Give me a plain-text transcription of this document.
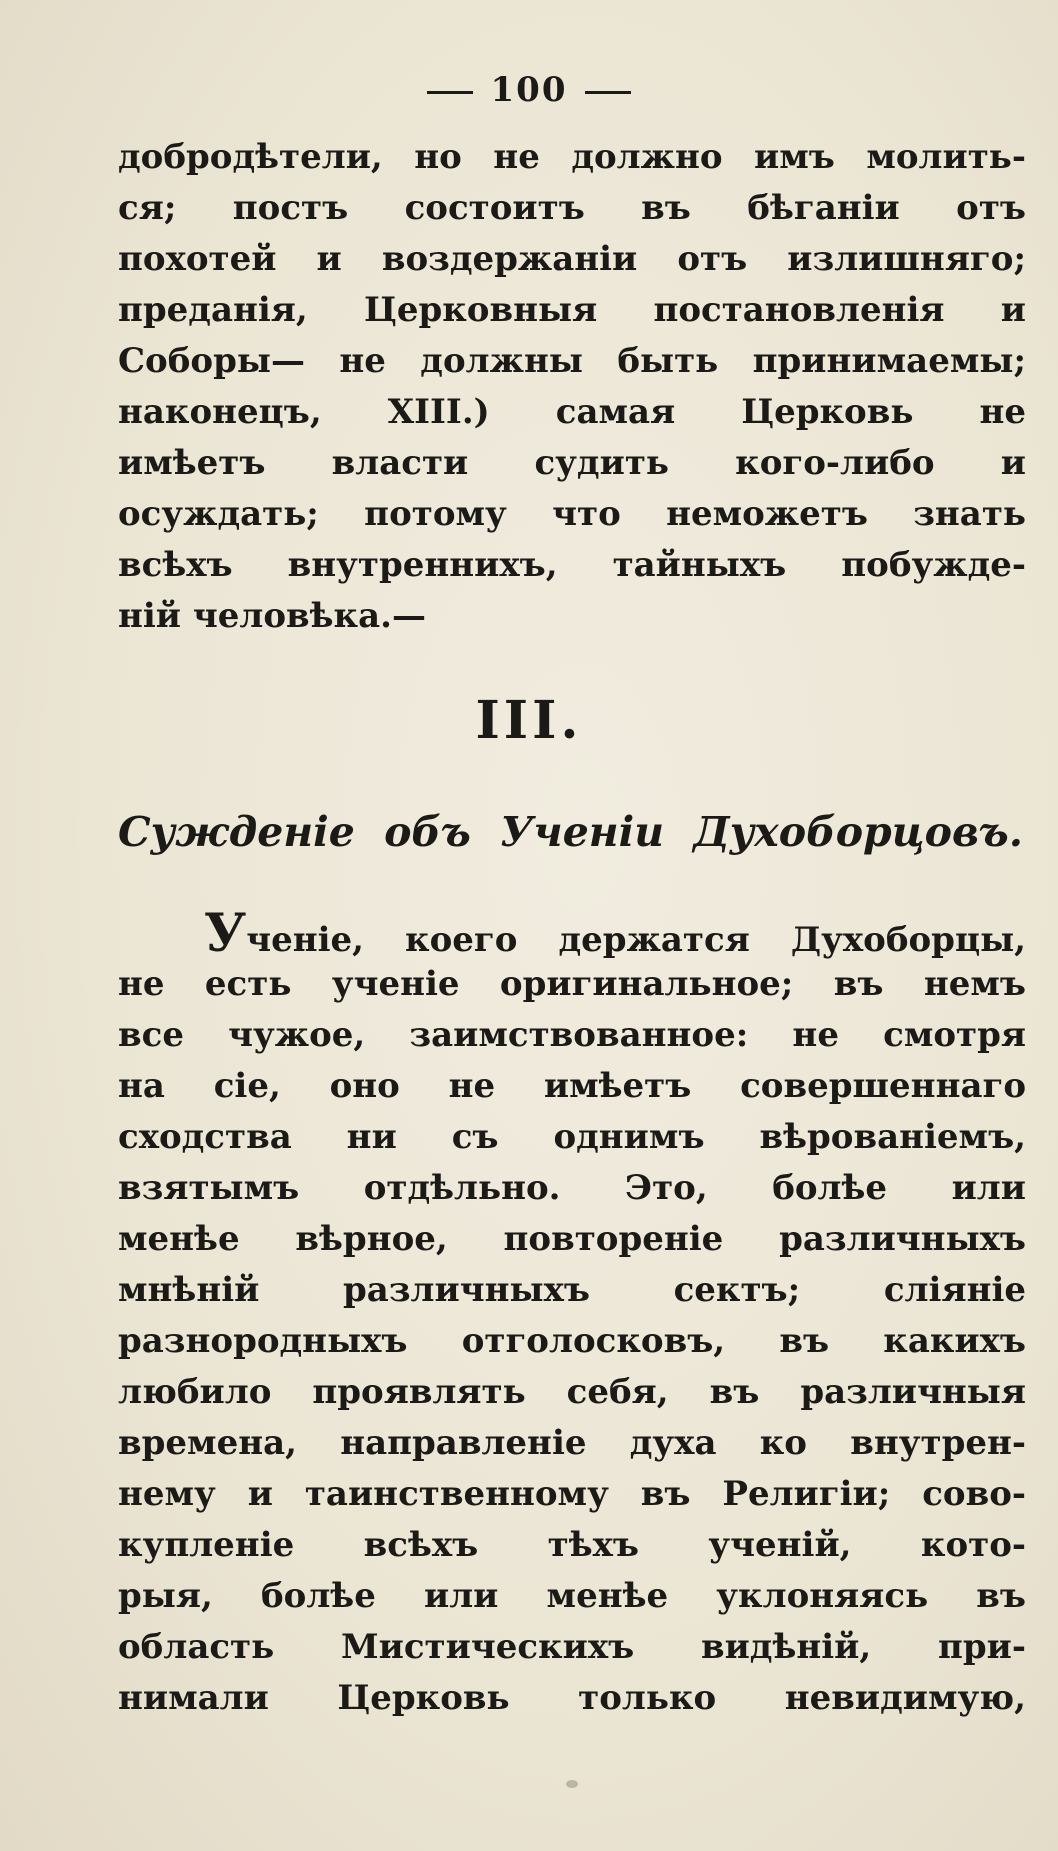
100
добродѣтели, но не должно имъ молить-
ся; постъ состоитъ въ бѣганіи отъ
похотей и воздержаніи отъ излишняго;
преданія, Церковныя постановленія и
Соборы— не должны быть принимаемы;
наконецъ, XIII.) самая Церковь не
имѣетъ власти судить кого-либо и
осуждать; потому что неможетъ знать
всѣхъ внутреннихъ, тайныхъ побужде-
ній человѣка.—
III.
Сужденіе объ Ученіи Духоборцовъ.
Ученіе, коего держатся Духоборцы,
не есть ученіе оригинальное; въ немъ
все чужое, заимствованное: не смотря
на сіе, оно не имѣетъ совершеннаго
сходства ни съ однимъ вѣрованіемъ,
взятымъ отдѣльно. Это, болѣе или
менѣе вѣрное, повтореніе различныхъ
мнѣній различныхъ сектъ; сліяніе
разнородныхъ отголосковъ, въ какихъ
любило проявлять себя, въ различныя
времена, направленіе духа ко внутрен-
нему и таинственному въ Религіи; сово-
купленіе всѣхъ тѣхъ ученій, кото-
рыя, болѣе или менѣе уклоняясь въ
область Мистическихъ видѣній, при-
нимали Церковь только невидимую,
